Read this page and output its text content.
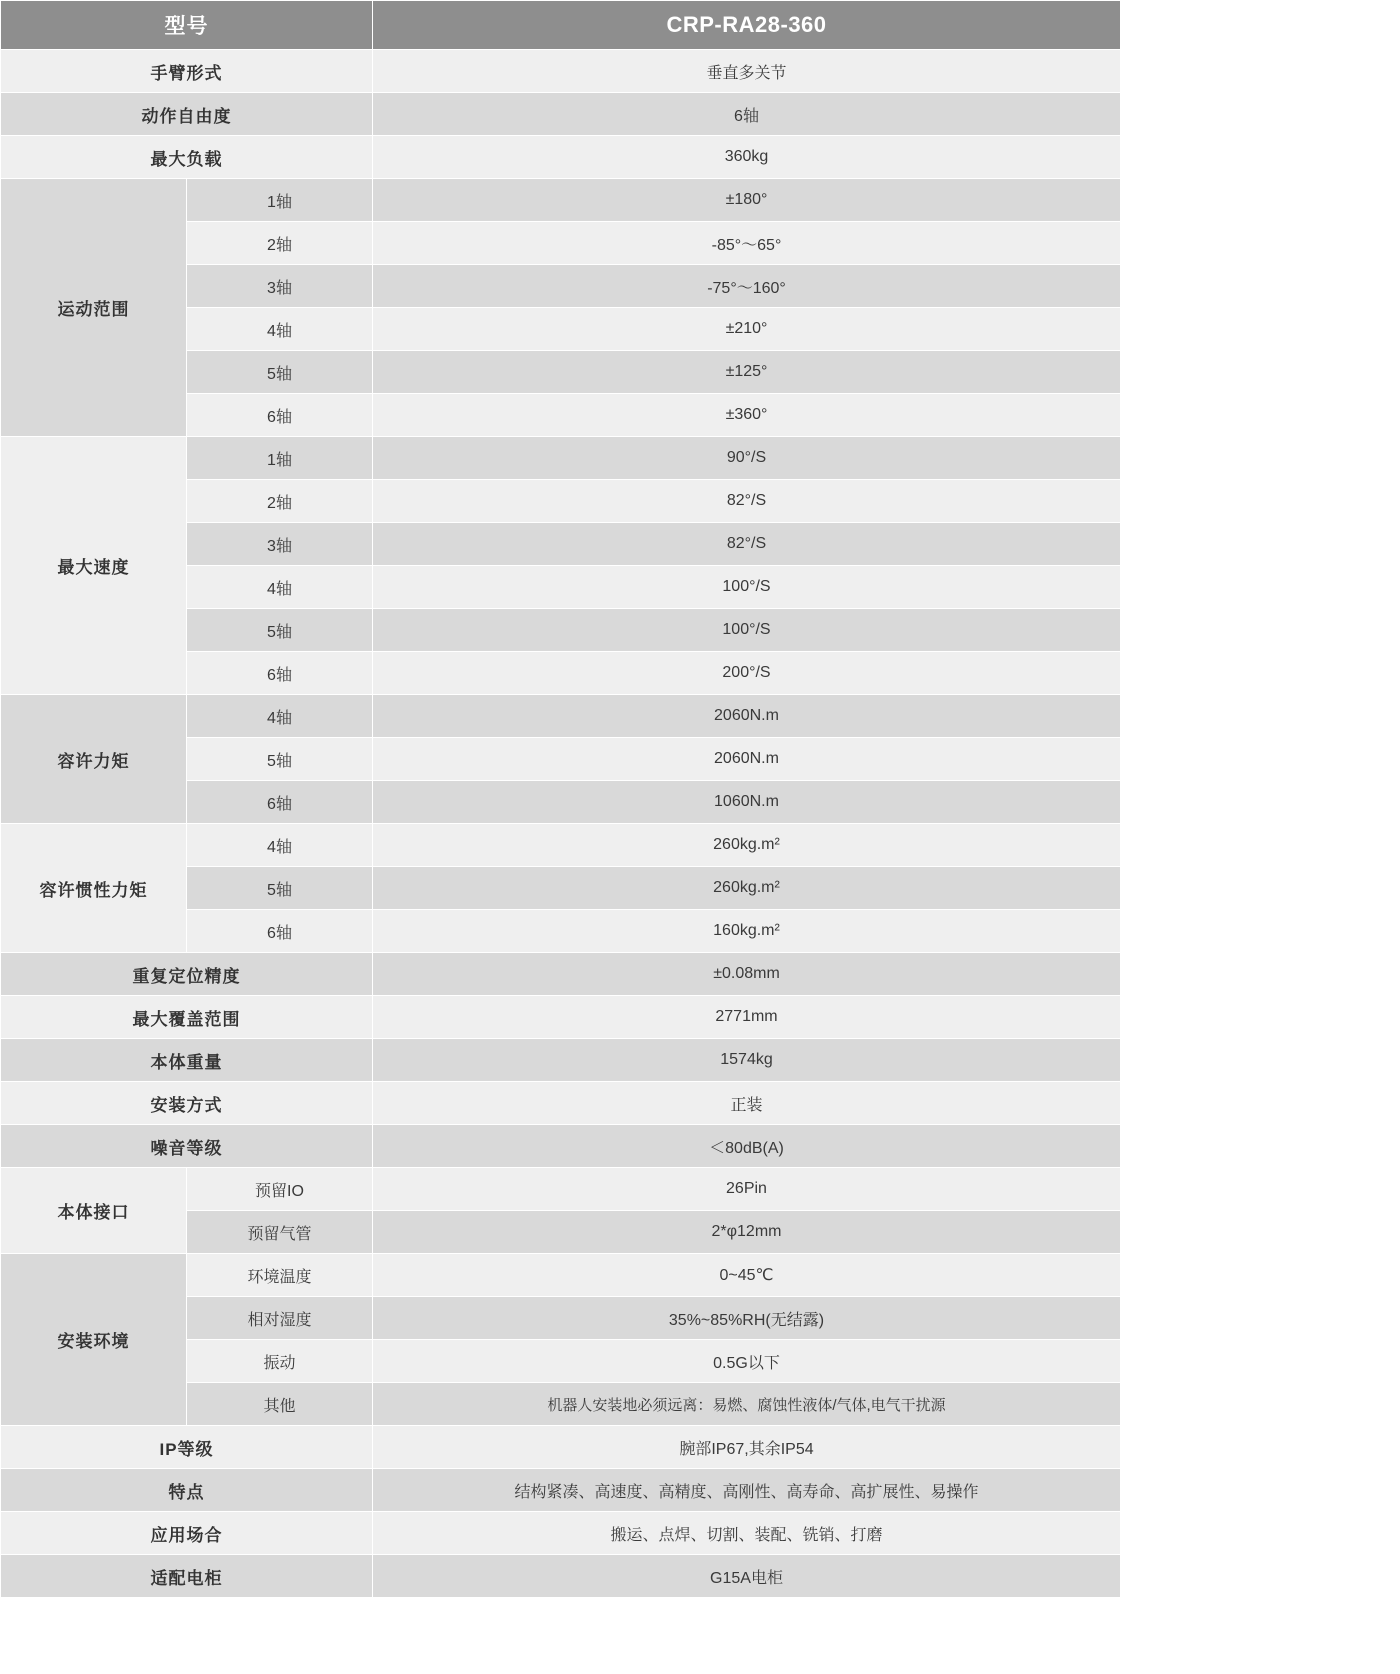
型号		CRP-RA28-360
手臂形式		垂直多关节
动作自由度		6轴
最大负载		360kg
运动范围	1轴	±180°
	2轴	-85°～65°
	3轴	-75°～160°
	4轴	±210°
	5轴	±125°
	6轴	±360°
最大速度	1轴	90°/S
	2轴	82°/S
	3轴	82°/S
	4轴	100°/S
	5轴	100°/S
	6轴	200°/S
容许力矩	4轴	2060N.m
	5轴	2060N.m
	6轴	1060N.m
容许惯性力矩	4轴	260kg.m²
	5轴	260kg.m²
	6轴	160kg.m²
重复定位精度		±0.08mm
最大覆盖范围		2771mm
本体重量		1574kg
安装方式		正装
噪音等级		＜80dB(A)
本体接口	预留IO	26Pin
	预留气管	2*φ12mm
安装环境	环境温度	0~45℃
	相对湿度	35%~85%RH(无结露)
	振动	0.5G以下
	其他	机器人安装地必须远离：易燃、腐蚀性液体/气体,电气干扰源
IP等级		腕部IP67,其余IP54
特点		结构紧凑、高速度、高精度、高刚性、高寿命、高扩展性、易操作
应用场合		搬运、点焊、切割、装配、铣销、打磨
适配电柜		G15A电柜
